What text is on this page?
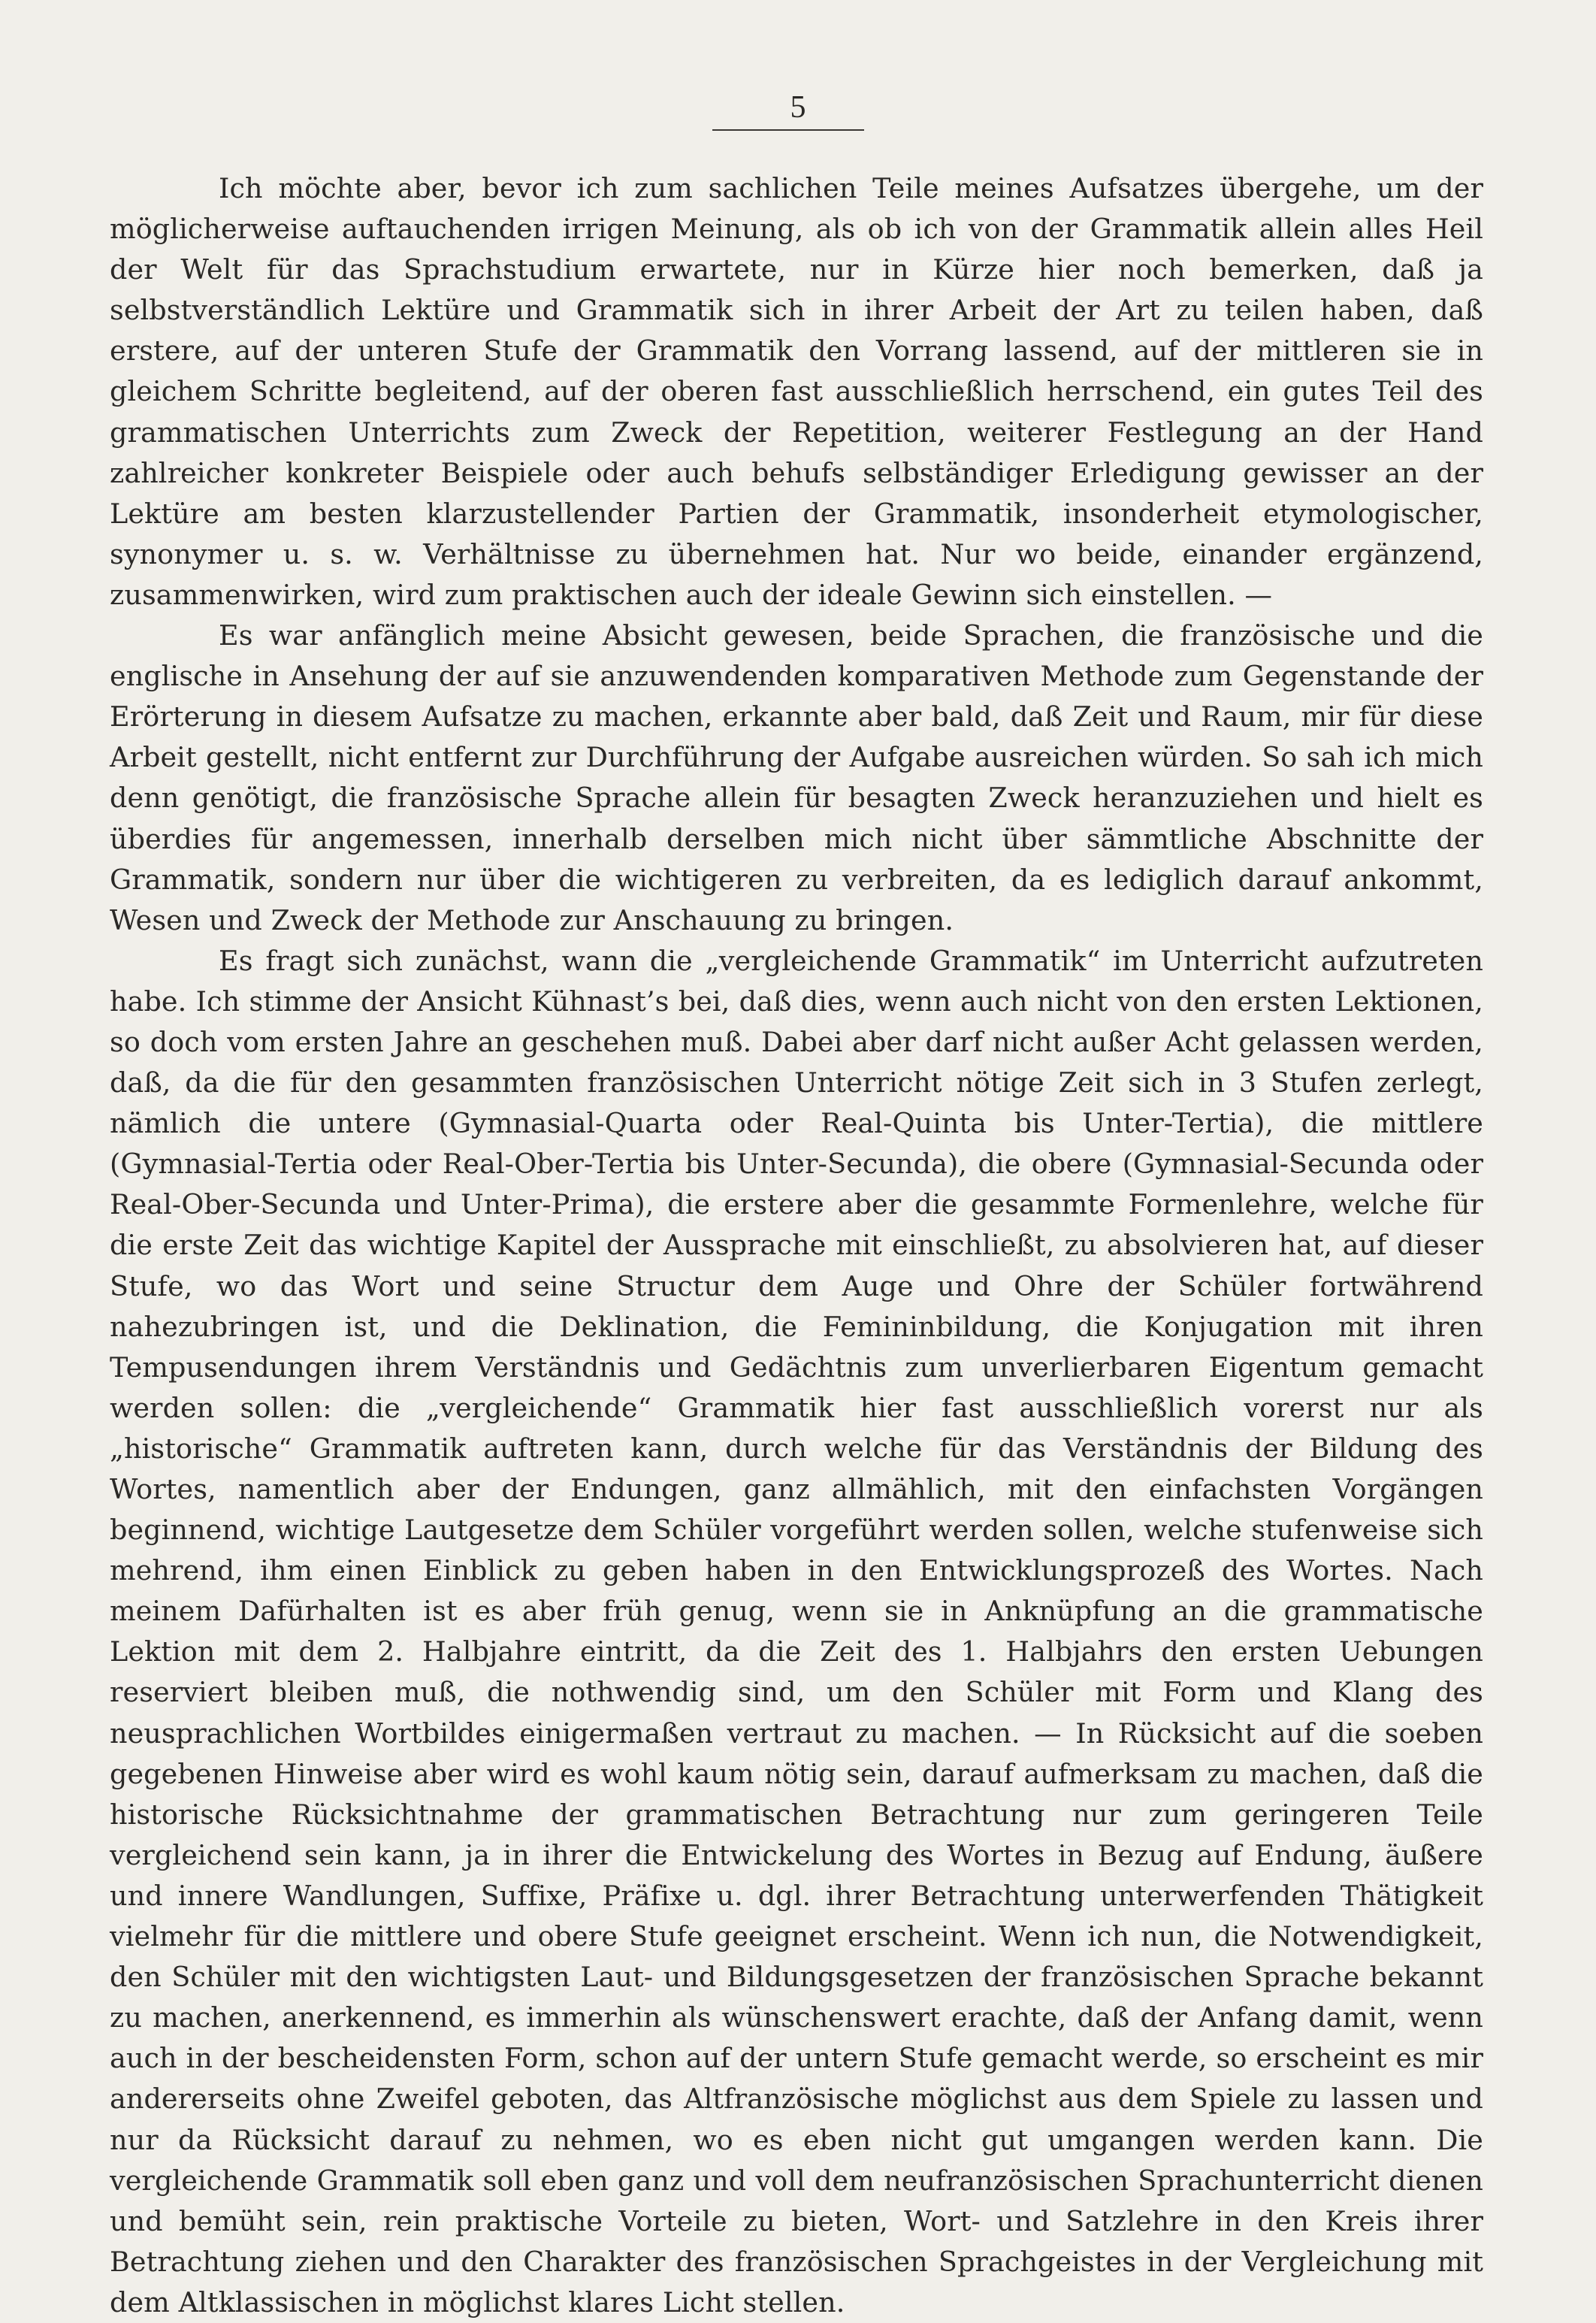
5

Ich möchte aber, bevor ich zum sachlichen Teile meines Aufsatzes übergehe, um der möglicherweise auftauchenden irrigen Meinung, als ob ich von der Grammatik allein alles Heil der Welt für das Sprachstudium erwartete, nur in Kürze hier noch bemerken, daß ja selbstverständlich Lektüre und Grammatik sich in ihrer Arbeit der Art zu teilen haben, daß erstere, auf der unteren Stufe der Grammatik den Vorrang lassend, auf der mittleren sie in gleichem Schritte begleitend, auf der oberen fast ausschließlich herrschend, ein gutes Teil des grammatischen Unterrichts zum Zweck der Repetition, weiterer Festlegung an der Hand zahlreicher konkreter Beispiele oder auch behufs selbständiger Erledigung gewisser an der Lektüre am besten klarzustellender Partien der Grammatik, insonderheit etymologischer, synonymer u. s. w. Verhältnisse zu übernehmen hat. Nur wo beide, einander ergänzend, zusammenwirken, wird zum praktischen auch der ideale Gewinn sich einstellen. —

Es war anfänglich meine Absicht gewesen, beide Sprachen, die französische und die englische in Ansehung der auf sie anzuwendenden komparativen Methode zum Gegenstande der Erörterung in diesem Aufsatze zu machen, erkannte aber bald, daß Zeit und Raum, mir für diese Arbeit gestellt, nicht entfernt zur Durchführung der Aufgabe ausreichen würden. So sah ich mich denn genötigt, die französische Sprache allein für besagten Zweck heranzuziehen und hielt es überdies für angemessen, innerhalb derselben mich nicht über sämmtliche Abschnitte der Grammatik, sondern nur über die wichtigeren zu verbreiten, da es lediglich darauf ankommt, Wesen und Zweck der Methode zur Anschauung zu bringen.

Es fragt sich zunächst, wann die „vergleichende Grammatik“ im Unterricht aufzutreten habe. Ich stimme der Ansicht Kühnast’s bei, daß dies, wenn auch nicht von den ersten Lektionen, so doch vom ersten Jahre an geschehen muß. Dabei aber darf nicht außer Acht gelassen werden, daß, da die für den gesammten französischen Unterricht nötige Zeit sich in 3 Stufen zerlegt, nämlich die untere (Gymnasial-Quarta oder Real-Quinta bis Unter-Tertia), die mittlere (Gymnasial-Tertia oder Real-Ober-Tertia bis Unter-Secunda), die obere (Gymnasial-Secunda oder Real-Ober-Secunda und Unter-Prima), die erstere aber die gesammte Formenlehre, welche für die erste Zeit das wichtige Kapitel der Aussprache mit einschließt, zu absolvieren hat, auf dieser Stufe, wo das Wort und seine Structur dem Auge und Ohre der Schüler fortwährend nahezubringen ist, und die Deklination, die Femininbildung, die Konjugation mit ihren Tempusendungen ihrem Verständnis und Gedächtnis zum unverlierbaren Eigentum gemacht werden sollen: die „vergleichende“ Grammatik hier fast ausschließlich vorerst nur als „historische“ Grammatik auftreten kann, durch welche für das Verständnis der Bildung des Wortes, namentlich aber der Endungen, ganz allmählich, mit den einfachsten Vorgängen beginnend, wichtige Lautgesetze dem Schüler vorgeführt werden sollen, welche stufenweise sich mehrend, ihm einen Einblick zu geben haben in den Entwicklungsprozeß des Wortes. Nach meinem Dafürhalten ist es aber früh genug, wenn sie in Anknüpfung an die grammatische Lektion mit dem 2. Halbjahre eintritt, da die Zeit des 1. Halbjahrs den ersten Uebungen reserviert bleiben muß, die nothwendig sind, um den Schüler mit Form und Klang des neusprachlichen Wortbildes einigermaßen vertraut zu machen. — In Rücksicht auf die soeben gegebenen Hinweise aber wird es wohl kaum nötig sein, darauf aufmerksam zu machen, daß die historische Rücksichtnahme der grammatischen Betrachtung nur zum geringeren Teile vergleichend sein kann, ja in ihrer die Entwickelung des Wortes in Bezug auf Endung, äußere und innere Wandlungen, Suffixe, Präfixe u. dgl. ihrer Betrachtung unterwerfenden Thätigkeit vielmehr für die mittlere und obere Stufe geeignet erscheint. Wenn ich nun, die Notwendigkeit, den Schüler mit den wichtigsten Laut- und Bildungsgesetzen der französischen Sprache bekannt zu machen, anerkennend, es immerhin als wünschenswert erachte, daß der Anfang damit, wenn auch in der bescheidensten Form, schon auf der untern Stufe gemacht werde, so erscheint es mir andererseits ohne Zweifel geboten, das Altfranzösische möglichst aus dem Spiele zu lassen und nur da Rücksicht darauf zu nehmen, wo es eben nicht gut umgangen werden kann. Die vergleichende Grammatik soll eben ganz und voll dem neufranzösischen Sprachunterricht dienen und bemüht sein, rein praktische Vorteile zu bieten, Wort- und Satzlehre in den Kreis ihrer Betrachtung ziehen und den Charakter des französischen Sprachgeistes in der Vergleichung mit dem Altklassischen in möglichst klares Licht stellen.
